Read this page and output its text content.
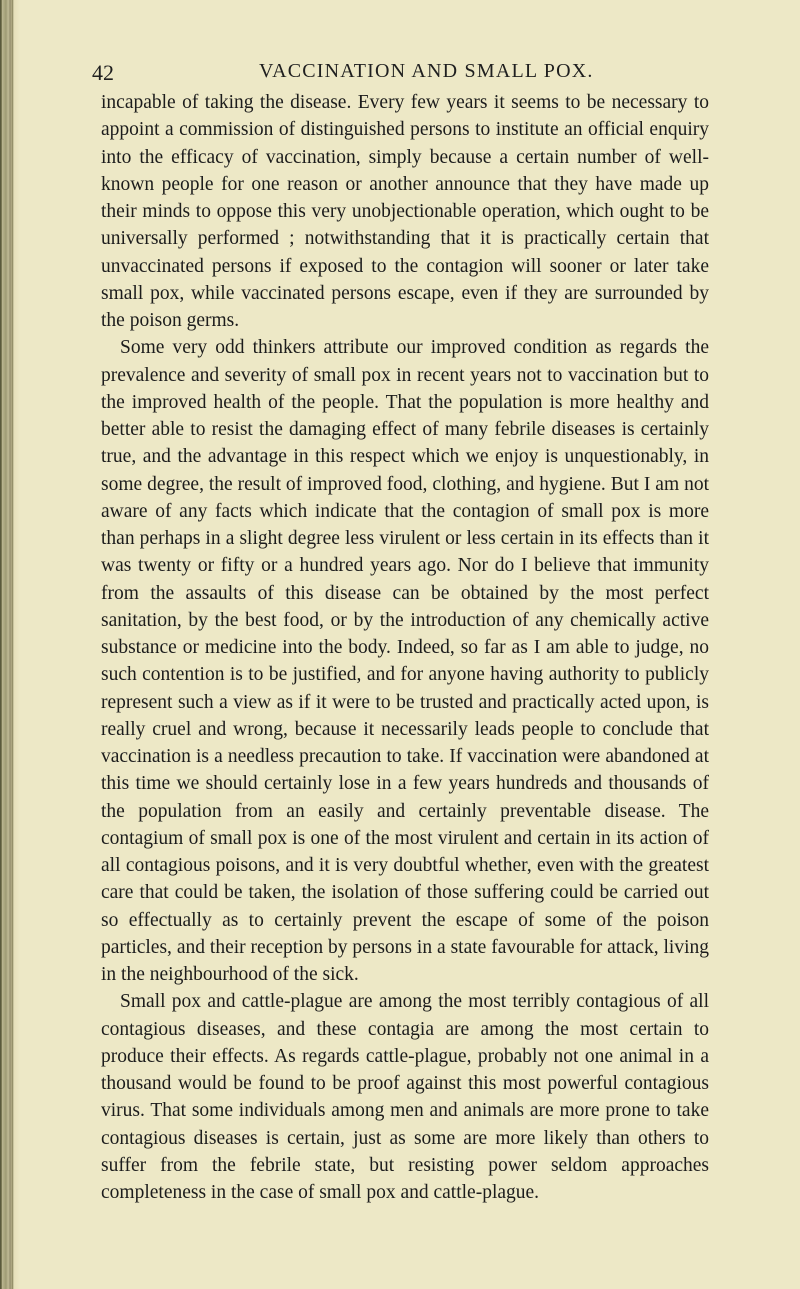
42	VACCINATION AND SMALL POX.

incapable of taking the disease. Every few years it seems to be necessary to appoint a commission of distinguished persons to institute an official enquiry into the efficacy of vaccination, simply because a certain number of well-known people for one reason or another announce that they have made up their minds to oppose this very unobjectionable operation, which ought to be universally performed ; notwithstanding that it is practically certain that unvaccinated persons if exposed to the contagion will sooner or later take small pox, while vaccinated persons escape, even if they are surrounded by the poison germs.

Some very odd thinkers attribute our improved condition as regards the prevalence and severity of small pox in recent years not to vaccination but to the improved health of the people. That the population is more healthy and better able to resist the damaging effect of many febrile diseases is certainly true, and the advantage in this respect which we enjoy is unquestionably, in some degree, the result of improved food, clothing, and hygiene. But I am not aware of any facts which indicate that the contagion of small pox is more than perhaps in a slight degree less virulent or less certain in its effects than it was twenty or fifty or a hundred years ago. Nor do I believe that immunity from the assaults of this disease can be obtained by the most perfect sanitation, by the best food, or by the introduction of any chemically active substance or medicine into the body. Indeed, so far as I am able to judge, no such contention is to be justified, and for anyone having authority to publicly represent such a view as if it were to be trusted and practically acted upon, is really cruel and wrong, because it necessarily leads people to conclude that vaccination is a needless precaution to take. If vaccination were abandoned at this time we should certainly lose in a few years hundreds and thousands of the population from an easily and certainly preventable disease. The contagium of small pox is one of the most virulent and certain in its action of all contagious poisons, and it is very doubtful whether, even with the greatest care that could be taken, the isolation of those suffering could be carried out so effectually as to certainly prevent the escape of some of the poison particles, and their reception by persons in a state favourable for attack, living in the neighbourhood of the sick.

Small pox and cattle-plague are among the most terribly contagious of all contagious diseases, and these contagia are among the most certain to produce their effects. As regards cattle-plague, probably not one animal in a thousand would be found to be proof against this most powerful contagious virus. That some individuals among men and animals are more prone to take contagious diseases is certain, just as some are more likely than others to suffer from the febrile state, but resisting power seldom approaches completeness in the case of small pox and cattle-plague.
